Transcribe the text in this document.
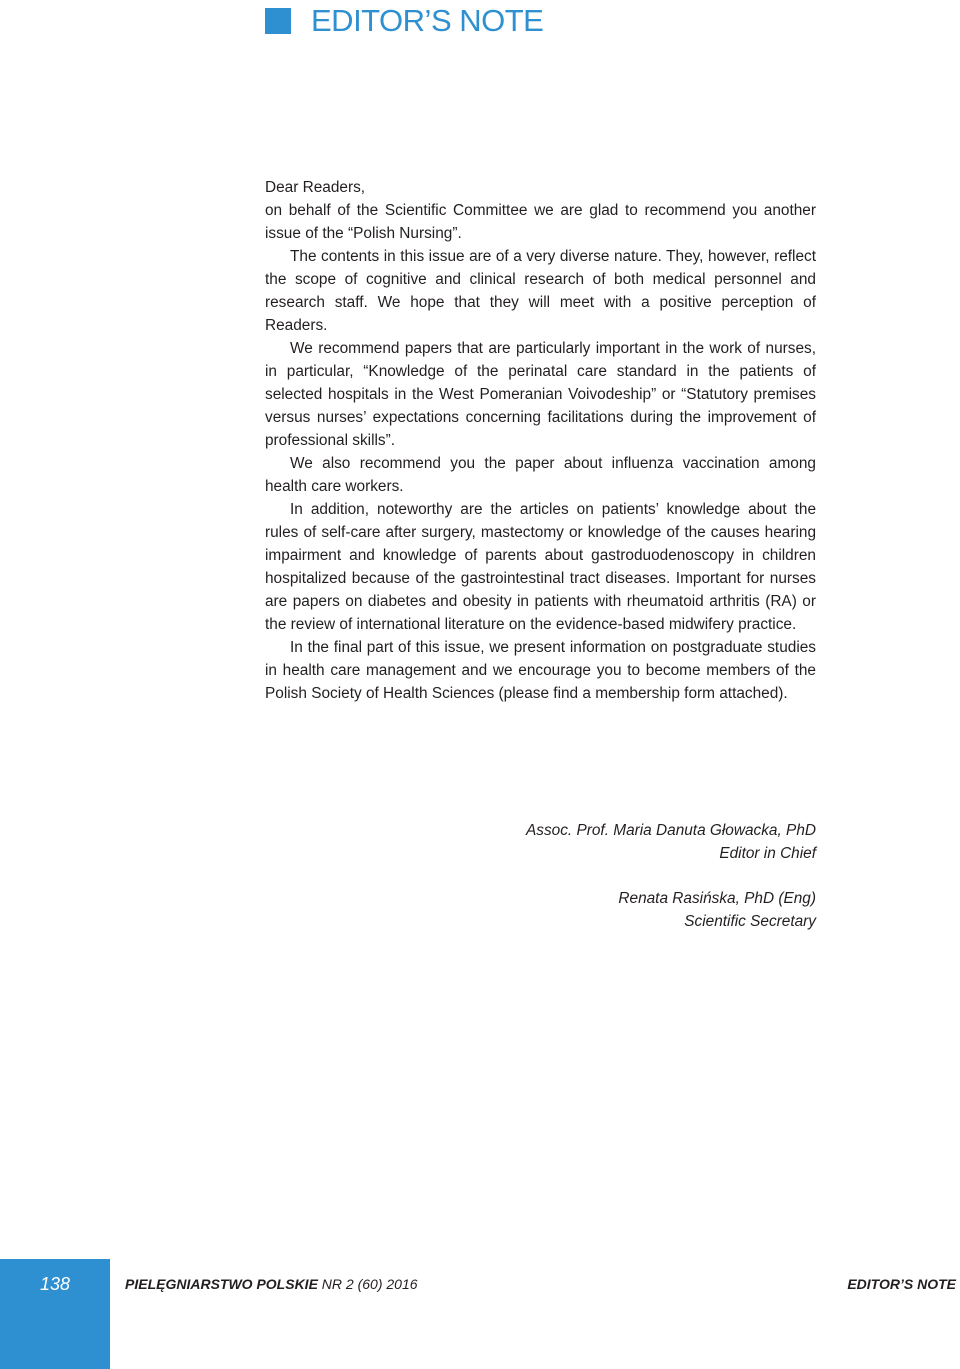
EDITOR’S NOTE

Dear Readers,

on behalf of the Scientific Committee we are glad to recommend you another issue of the “Polish Nursing”.

The contents in this issue are of a very diverse nature. They, however, reflect the scope of cognitive and clinical research of both medical personnel and research staff. We hope that they will meet with a positive perception of Readers.

We recommend papers that are particularly important in the work of nurses, in particular, “Knowledge of the perinatal care standard in the patients of selected hospitals in the West Pomeranian Voivodeship” or “Statutory premises versus nurses’ expectations concerning facilitations during the improvement of professional skills”.

We also recommend you the paper about influenza vaccination among health care workers.

In addition, noteworthy are the articles on patients’ knowledge about the rules of self-care after surgery, mastectomy or knowledge of the causes hearing impairment and knowledge of parents about gastroduodenoscopy in children hospitalized because of the gastrointestinal tract diseases. Important for nurses are papers on diabetes and obesity in patients with rheumatoid arthritis (RA) or the review of international literature on the evidence-based midwifery practice.

In the final part of this issue, we present information on postgraduate studies in health care management and we encourage you to become members of the Polish Society of Health Sciences (please find a membership form attached).

Assoc. Prof. Maria Danuta Głowacka, PhD
Editor in Chief
Renata Rasińska, PhD (Eng)
Scientific Secretary
138	PIELĘGNIARSTWO POLSKIE NR 2 (60) 2016	EDITOR’S NOTE
